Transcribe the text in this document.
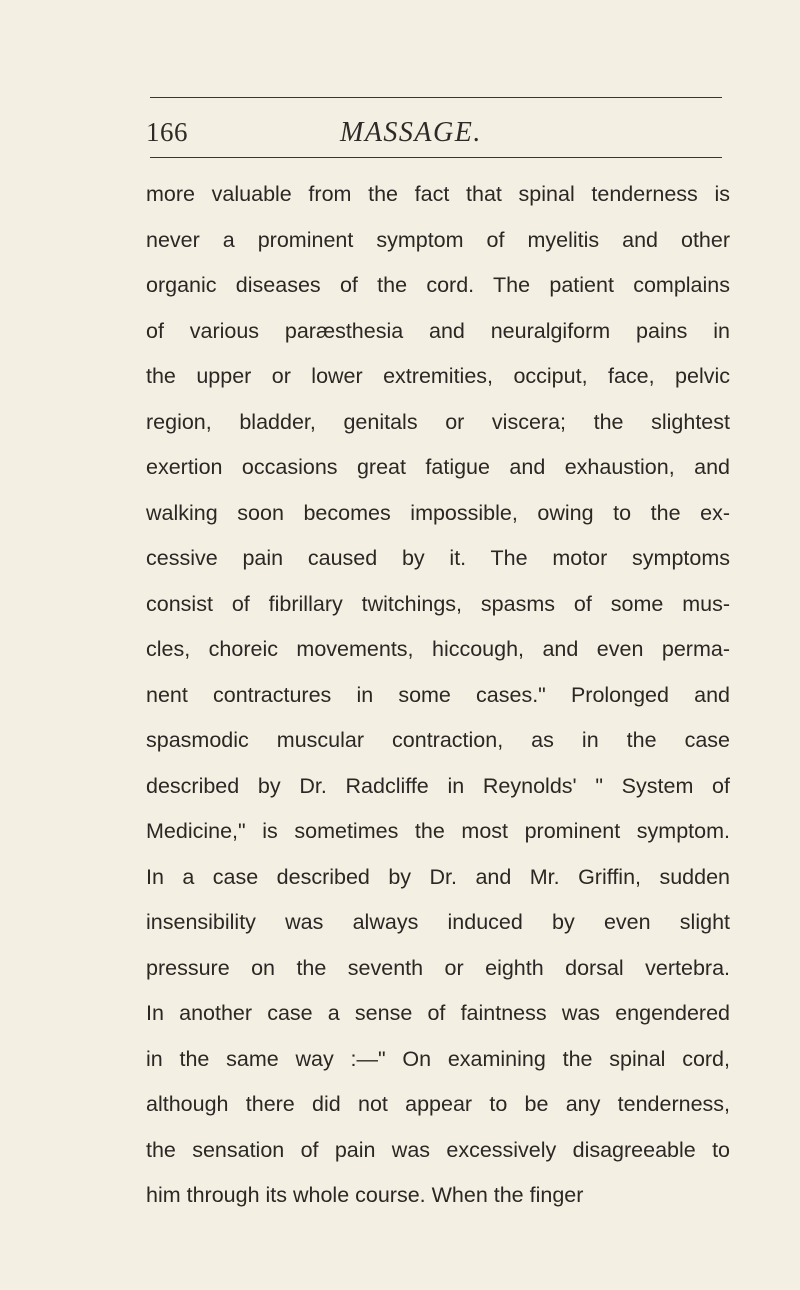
166	MASSAGE.
more valuable from the fact that spinal tenderness is
never a prominent symptom of myelitis and other
organic diseases of the cord. The patient complains
of various paræsthesia and neuralgiform pains in
the upper or lower extremities, occiput, face, pelvic
region, bladder, genitals or viscera; the slightest
exertion occasions great fatigue and exhaustion, and
walking soon becomes impossible, owing to the ex-
cessive pain caused by it. The motor symptoms
consist of fibrillary twitchings, spasms of some mus-
cles, choreic movements, hiccough, and even perma-
nent contractures in some cases." Prolonged and
spasmodic muscular contraction, as in the case
described by Dr. Radcliffe in Reynolds' " System of
Medicine," is sometimes the most prominent symptom.
In a case described by Dr. and Mr. Griffin, sudden
insensibility was always induced by even slight
pressure on the seventh or eighth dorsal vertebra.
In another case a sense of faintness was engendered
in the same way :—" On examining the spinal cord,
although there did not appear to be any tenderness,
the sensation of pain was excessively disagreeable to
him through its whole course. When the finger
